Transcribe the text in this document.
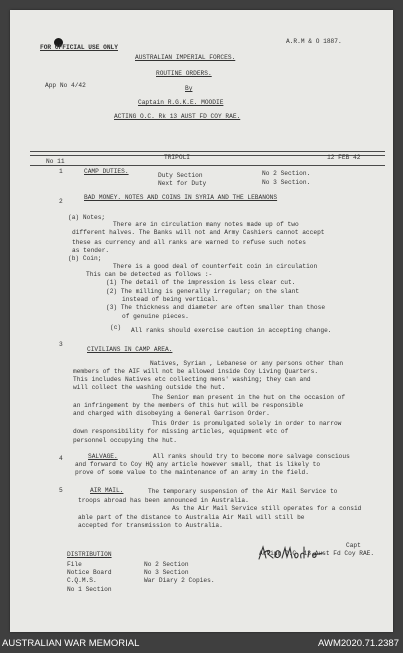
FOR OFFICIAL USE ONLY
A.R.M & O 1887.
AUSTRALIAN IMPERIAL FORCES.
ROUTINE ORDERS.
App No 4/42	By
Captain R.G.K.E. MOODIE
ACTING O.C. Rk 13 AUST FD COY RAE.
No 11
TRIPOLI	12 FEB 42
1	CAMP DUTIES.
Duty Section	No 2 Section.
Next for Duty	No 3 Section.
2
BAD MONEY. NOTES AND COINS IN SYRIA AND THE LEBANONS
(a) Notes;
There are in circulation many notes made up of two
different halves. The Banks will not and Army Cashiers cannot accept
these as currency and all ranks are warned to refuse such notes
as tender.
(b) Coin;
There is a good deal of counterfeit coin in circulation
This can be detected as follows :-
(1) The detail of the impression is less clear cut.
(2) The milling is generally irregular; on the slant
instead of being vertical.
(3) The thickness and diameter are often smaller than those
of genuine pieces.
(c) All ranks should exercise caution in accepting change.
3
CIVILIANS IN CAMP AREA.
Natives, Syrian , Lebanese or any persons other than
members of the AIF will not be allowed inside Coy Living Quarters.
This includes Natives etc collecting mens' washing; they can and
will collect the washing outside the hut.
The Senior man present in the hut on the occasion of
an infringement by the members of this hut will be responsible
and charged with disobeying a General Garrison Order.
This Order is promulgated solely in order to narrow
down responsibility for missing articles, equipment etc of
personnel occupying the hut.
4	SALVAGE.	All ranks should try to become more salvage conscious
and forward to Coy HQ any article however small, that is likely to
prove of some value to the maintenance of an army in the field.
5	AIR MAIL.	The temporary suspension of the Air Mail Service to
troops abroad has been announced in Australia.
As the Air Mail Service still operates for a consid
able part of the distance to Australia Air Mail will still be
accepted for transmission to Australia.
Capt
Acting O.C. 13 Aust Fd Coy RAE.
DISTRIBUTION
File	No 2 Section
Notice Board	No 3 Section
C.Q.M.S.	War Diary 2 Copies.
No 1 Section
AUSTRALIAN WAR MEMORIAL	AWM2020.71.2387
